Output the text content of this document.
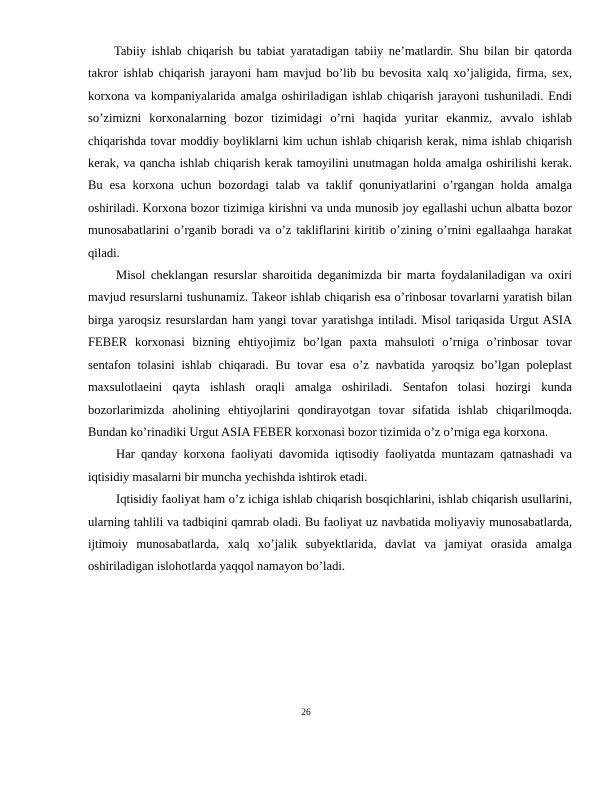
Tabiiy ishlab chiqarish bu tabiat yaratadigan tabiiy ne’matlardir. Shu bilan bir qatorda takror ishlab chiqarish jarayoni ham mavjud bo’lib bu bevosita xalq xo’jaligida, firma, sex, korxona va kompaniyalarida amalga oshiriladigan ishlab chiqarish jarayoni tushuniladi. Endi so’zimizni korxonalarning bozor tizimidagi o’rni haqida yuritar ekanmiz, avvalo ishlab chiqarishda tovar moddiy boyliklarni kim uchun ishlab chiqarish kerak, nima ishlab chiqarish kerak, va qancha ishlab chiqarish kerak tamoyilini unutmagan holda amalga oshirilishi kerak. Bu esa korxona uchun bozordagi talab va taklif qonuniyatlarini o’rgangan holda amalga oshiriladi. Korxona bozor tizimiga kirishni va unda munosib joy egallashi uchun albatta bozor munosabatlarini o’rganib boradi va o’z takliflarini kiritib o’zining o’rnini egallaahga harakat qiladi.

Misol cheklangan resurslar sharoitida deganimizda bir marta foydalaniladigan va oxiri mavjud resurslarni tushunamiz. Takeor ishlab chiqarish esa o’rinbosar tovarlarni yaratish bilan birga yaroqsiz resurslardan ham yangi tovar yaratishga intiladi. Misol tariqasida Urgut ASIA FEBER korxonasi bizning ehtiyojimiz bo’lgan paxta mahsuloti o’rniga o’rinbosar tovar sentafon tolasini ishlab chiqaradi. Bu tovar esa o’z navbatida yaroqsiz bo’lgan poleplast maxsulotlaeini qayta ishlash oraqli amalga oshiriladi. Sentafon tolasi hozirgi kunda bozorlarimizda aholining ehtiyojlarini qondirayotgan tovar sifatida ishlab chiqarilmoqda. Bundan ko’rinadiki Urgut ASIA FEBER korxonasi bozor tizimida o’z o’rniga ega korxona.

Har qanday korxona faoliyati davomida iqtisodiy faoliyatda muntazam qatnashadi va iqtisidiy masalarni bir muncha yechishda ishtirok etadi.

Iqtisidiy faoliyat ham o’z ichiga ishlab chiqarish bosqichlarini, ishlab chiqarish usullarini, ularning tahlili va tadbiqini qamrab oladi. Bu faoliyat uz navbatida moliyaviy munosabatlarda, ijtimoiy munosabatlarda, xalq xo’jalik subyektlarida, davlat va jamiyat orasida amalga oshiriladigan islohotlarda yaqqol namayon bo’ladi.

26
